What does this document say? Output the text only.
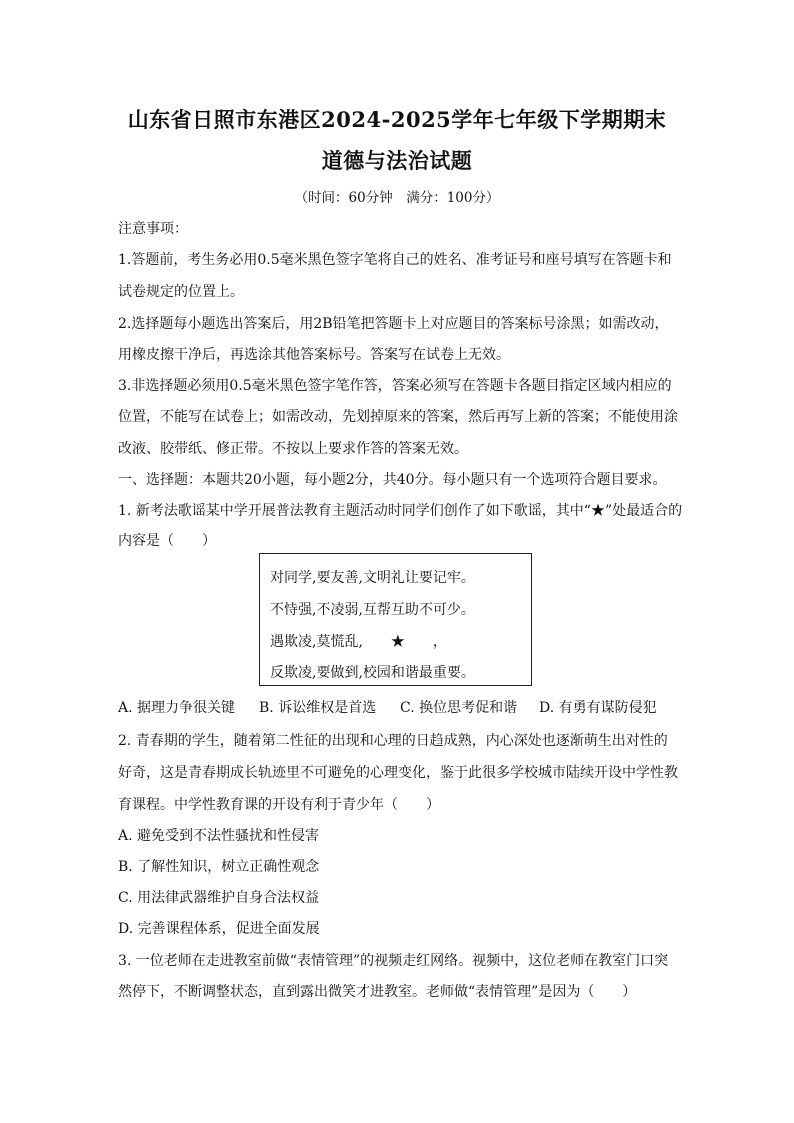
山东省日照市东港区2024-2025学年七年级下学期期末
道德与法治试题
（时间：60分钟　满分：100分）
注意事项：
1.答题前，考生务必用0.5毫米黑色签字笔将自己的姓名、准考证号和座号填写在答题卡和
试卷规定的位置上。
2.选择题每小题选出答案后，用2B铅笔把答题卡上对应题目的答案标号涂黑；如需改动，
用橡皮擦干净后，再选涂其他答案标号。答案写在试卷上无效。
3.非选择题必须用0.5毫米黑色签字笔作答，答案必须写在答题卡各题目指定区域内相应的
位置，不能写在试卷上；如需改动，先划掉原来的答案，然后再写上新的答案；不能使用涂
改液、胶带纸、修正带。不按以上要求作答的答案无效。
一、选择题：本题共20小题，每小题2分，共40分。每小题只有一个选项符合题目要求。
1. 新考法歌谣某中学开展普法教育主题活动时同学们创作了如下歌谣，其中“★”处最适合的
内容是（　　）
对同学,要友善,文明礼让要记牢。
不恃强,不凌弱,互帮互助不可少。
遇欺凌,莫慌乱,　　★　　，
反欺凌,要做到,校园和谐最重要。
A. 据理力争很关键 B. 诉讼维权是首选 C. 换位思考促和谐 D. 有勇有谋防侵犯
2. 青春期的学生，随着第二性征的出现和心理的日趋成熟，内心深处也逐渐萌生出对性的
好奇，这是青春期成长轨迹里不可避免的心理变化，鉴于此很多学校城市陆续开设中学性教
育课程。中学性教育课的开设有利于青少年（　　）
A. 避免受到不法性骚扰和性侵害
B. 了解性知识，树立正确性观念
C. 用法律武器维护自身合法权益
D. 完善课程体系，促进全面发展
3. 一位老师在走进教室前做“表情管理”的视频走红网络。视频中，这位老师在教室门口突
然停下，不断调整状态，直到露出微笑才进教室。老师做“表情管理”是因为（　　）
